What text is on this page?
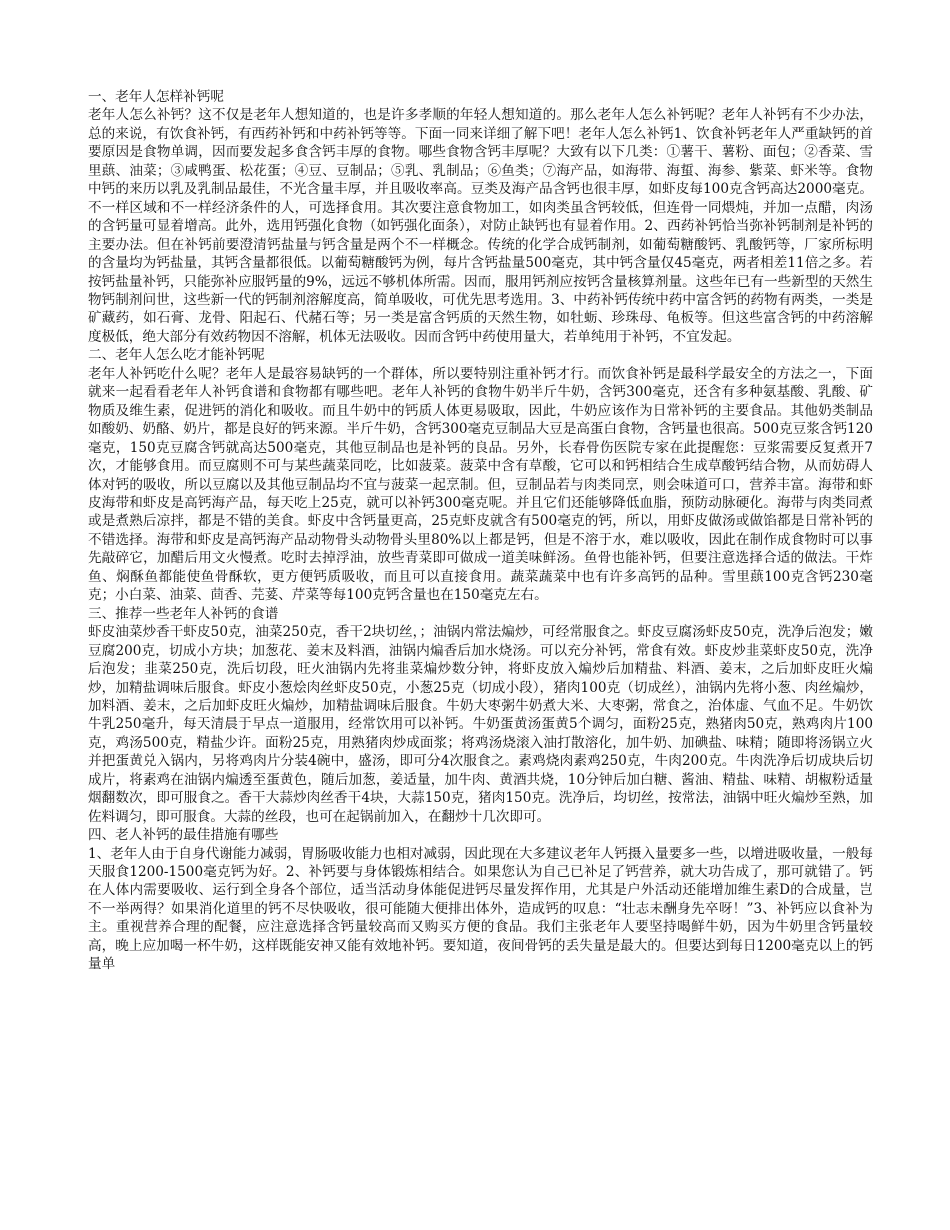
一、老年人怎样补钙呢

老年人怎么补钙？这不仅是老年人想知道的，也是许多孝顺的年轻人想知道的。那么老年人怎么补钙呢？老年人补钙有不少办法，总的来说，有饮食补钙，有西药补钙和中药补钙等等。下面一同来详细了解下吧！老年人怎么补钙1、饮食补钙老年人严重缺钙的首要原因是食物单调，因而要发起多食含钙丰厚的食物。哪些食物含钙丰厚呢？大致有以下几类：①薯干、薯粉、面包；②香菜、雪里蕻、油菜；③咸鸭蛋、松花蛋；④豆、豆制品；⑤乳、乳制品；⑥鱼类；⑦海产品，如海带、海蜇、海参、紫菜、虾米等。食物中钙的来历以乳及乳制品最佳，不光含量丰厚，并且吸收率高。豆类及海产品含钙也很丰厚，如虾皮每100克含钙高达2000毫克。不一样区域和不一样经济条件的人，可选择食用。其次要注意食物加工，如肉类虽含钙较低，但连骨一同煨炖，并加一点醋，肉汤的含钙量可显着增高。此外，选用钙强化食物（如钙强化面条），对防止缺钙也有显着作用。2、西药补钙恰当弥补钙制剂是补钙的主要办法。但在补钙前要澄清钙盐量与钙含量是两个不一样概念。传统的化学合成钙制剂，如葡萄糖酸钙、乳酸钙等，厂家所标明的含量均为钙盐量，其钙含量都很低。以葡萄糖酸钙为例，每片含钙盐量500毫克，其中钙含量仅45毫克，两者相差11倍之多。若按钙盐量补钙，只能弥补应服钙量的9%，远远不够机体所需。因而，服用钙剂应按钙含量核算剂量。这些年已有一些新型的天然生物钙制剂问世，这些新一代的钙制剂溶解度高，简单吸收，可优先思考选用。3、中药补钙传统中药中富含钙的药物有两类，一类是矿藏药，如石膏、龙骨、阳起石、代赭石等；另一类是富含钙质的天然生物，如牡蛎、珍珠母、龟板等。但这些富含钙的中药溶解度极低，绝大部分有效药物因不溶解，机体无法吸收。因而含钙中药使用量大，若单纯用于补钙，不宜发起。

二、老年人怎么吃才能补钙呢

老年人补钙吃什么呢？老年人是最容易缺钙的一个群体，所以要特别注重补钙才行。而饮食补钙是最科学最安全的方法之一，下面就来一起看看老年人补钙食谱和食物都有哪些吧。老年人补钙的食物牛奶半斤牛奶，含钙300毫克，还含有多种氨基酸、乳酸、矿物质及维生素，促进钙的消化和吸收。而且牛奶中的钙质人体更易吸取，因此，牛奶应该作为日常补钙的主要食品。其他奶类制品如酸奶、奶酪、奶片，都是良好的钙来源。半斤牛奶，含钙300毫克豆制品大豆是高蛋白食物，含钙量也很高。500克豆浆含钙120毫克，150克豆腐含钙就高达500毫克，其他豆制品也是补钙的良品。另外，长春骨伤医院专家在此提醒您：豆浆需要反复煮开7次，才能够食用。而豆腐则不可与某些蔬菜同吃，比如菠菜。菠菜中含有草酸，它可以和钙相结合生成草酸钙结合物，从而妨碍人体对钙的吸收，所以豆腐以及其他豆制品均不宜与菠菜一起烹制。但，豆制品若与肉类同烹，则会味道可口，营养丰富。海带和虾皮海带和虾皮是高钙海产品，每天吃上25克，就可以补钙300毫克呢。并且它们还能够降低血脂，预防动脉硬化。海带与肉类同煮或是煮熟后凉拌，都是不错的美食。虾皮中含钙量更高，25克虾皮就含有500毫克的钙，所以，用虾皮做汤或做馅都是日常补钙的不错选择。海带和虾皮是高钙海产品动物骨头动物骨头里80%以上都是钙，但是不溶于水，难以吸收，因此在制作成食物时可以事先敲碎它，加醋后用文火慢煮。吃时去掉浮油，放些青菜即可做成一道美味鲜汤。鱼骨也能补钙，但要注意选择合适的做法。干炸鱼、焖酥鱼都能使鱼骨酥软，更方便钙质吸收，而且可以直接食用。蔬菜蔬菜中也有许多高钙的品种。雪里蕻100克含钙230毫克；小白菜、油菜、茴香、芫荽、芹菜等每100克钙含量也在150毫克左右。

三、推荐一些老年人补钙的食谱

虾皮油菜炒香干虾皮50克，油菜250克，香干2块切丝，；油锅内常法煸炒，可经常服食之。虾皮豆腐汤虾皮50克，洗净后泡发；嫩豆腐200克，切成小方块；加葱花、姜末及料酒，油锅内煸香后加水烧汤。可以充分补钙，常食有效。虾皮炒韭菜虾皮50克，洗净后泡发；韭菜250克，洗后切段，旺火油锅内先将韭菜煸炒数分钟，将虾皮放入煸炒后加精盐、料酒、姜末，之后加虾皮旺火煸炒，加精盐调味后服食。虾皮小葱烩肉丝虾皮50克，小葱25克（切成小段），猪肉100克（切成丝），油锅内先将小葱、肉丝煸炒，加料酒、姜末，之后加虾皮旺火煸炒，加精盐调味后服食。牛奶大枣粥牛奶煮大米、大枣粥，常食之，治体虚、气血不足。牛奶饮牛乳250毫升，每天清晨于早点一道服用，经常饮用可以补钙。牛奶蛋黄汤蛋黄5个调匀，面粉25克，熟猪肉50克，熟鸡肉片100克，鸡汤500克，精盐少许。面粉25克，用熟猪肉炒成面浆；将鸡汤烧滚入油打散溶化，加牛奶、加碘盐、味精；随即将汤锅立火并把蛋黄兑入锅内，另将鸡肉片分装4碗中，盛汤，即可分4次服食之。素鸡烧肉素鸡250克，牛肉200克。牛肉洗净后切成块后切成片，将素鸡在油锅内煸透至蛋黄色，随后加葱，姜适量，加牛肉、黄酒共烧，10分钟后加白糖、酱油、精盐、味精、胡椒粉适量烟翻数次，即可服食之。香干大蒜炒肉丝香干4块，大蒜150克，猪肉150克。洗净后，均切丝，按常法，油锅中旺火煸炒至熟，加佐料调匀，即可服食。大蒜的丝段，也可在起锅前加入，在翻炒十几次即可。

四、老人补钙的最佳措施有哪些

1、老年人由于自身代谢能力减弱，胃肠吸收能力也相对减弱，因此现在大多建议老年人钙摄入量要多一些，以增进吸收量，一般每天服食1200-1500毫克钙为好。2、补钙要与身体锻炼相结合。如果您认为自己已补足了钙营养，就大功告成了，那可就错了。钙在人体内需要吸收、运行到全身各个部位，适当活动身体能促进钙尽量发挥作用，尤其是户外活动还能增加维生素D的合成量，岂不一举两得？如果消化道里的钙不尽快吸收，很可能随大便排出体外，造成钙的叹息：“壮志未酬身先卒呀！”3、补钙应以食补为主。重视营养合理的配餐，应注意选择含钙量较高而又购买方便的食品。我们主张老年人要坚持喝鲜牛奶，因为牛奶里含钙量较高，晚上应加喝一杯牛奶，这样既能安神又能有效地补钙。要知道，夜间骨钙的丢失量是最大的。但要达到每日1200毫克以上的钙量单
